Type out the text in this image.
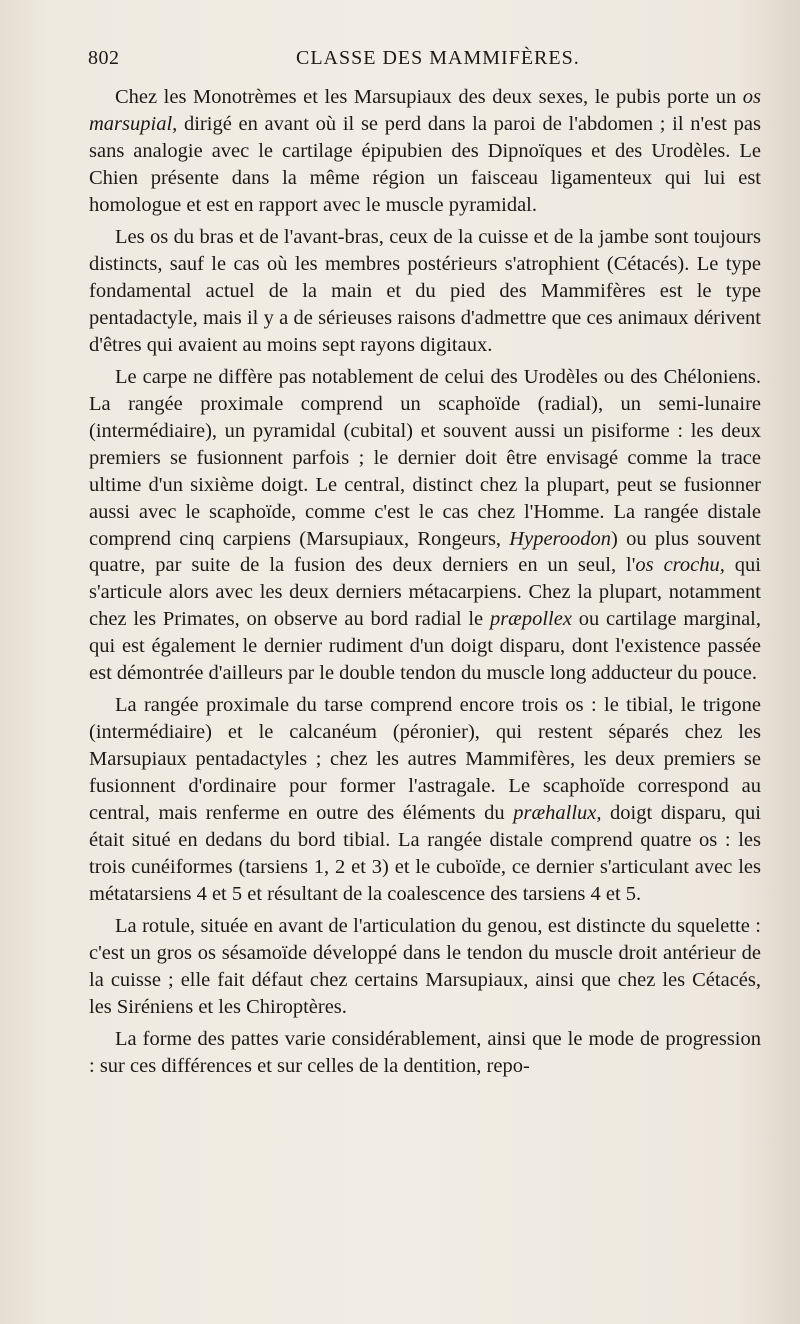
802	CLASSE DES MAMMIFÈRES.

Chez les Monotrèmes et les Marsupiaux des deux sexes, le pubis porte un os marsupial, dirigé en avant où il se perd dans la paroi de l'abdomen ; il n'est pas sans analogie avec le cartilage épipubien des Dipnoïques et des Urodèles. Le Chien présente dans la même région un faisceau ligamenteux qui lui est homologue et est en rapport avec le muscle pyramidal.

Les os du bras et de l'avant-bras, ceux de la cuisse et de la jambe sont toujours distincts, sauf le cas où les membres postérieurs s'atrophient (Cétacés). Le type fondamental actuel de la main et du pied des Mammifères est le type pentadactyle, mais il y a de sérieuses raisons d'admettre que ces animaux dérivent d'êtres qui avaient au moins sept rayons digitaux.

Le carpe ne diffère pas notablement de celui des Urodèles ou des Chéloniens. La rangée proximale comprend un scaphoïde (radial), un semi-lunaire (intermédiaire), un pyramidal (cubital) et souvent aussi un pisiforme : les deux premiers se fusionnent parfois ; le dernier doit être envisagé comme la trace ultime d'un sixième doigt. Le central, distinct chez la plupart, peut se fusionner aussi avec le scaphoïde, comme c'est le cas chez l'Homme. La rangée distale comprend cinq carpiens (Marsupiaux, Rongeurs, Hyperoodon) ou plus souvent quatre, par suite de la fusion des deux derniers en un seul, l'os crochu, qui s'articule alors avec les deux derniers métacarpiens. Chez la plupart, notamment chez les Primates, on observe au bord radial le præpollex ou cartilage marginal, qui est également le dernier rudiment d'un doigt disparu, dont l'existence passée est démontrée d'ailleurs par le double tendon du muscle long adducteur du pouce.

La rangée proximale du tarse comprend encore trois os : le tibial, le trigone (intermédiaire) et le calcanéum (péronier), qui restent séparés chez les Marsupiaux pentadactyles ; chez les autres Mammifères, les deux premiers se fusionnent d'ordinaire pour former l'astragale. Le scaphoïde correspond au central, mais renferme en outre des éléments du præhallux, doigt disparu, qui était situé en dedans du bord tibial. La rangée distale comprend quatre os : les trois cunéiformes (tarsiens 1, 2 et 3) et le cuboïde, ce dernier s'articulant avec les métatarsiens 4 et 5 et résultant de la coalescence des tarsiens 4 et 5.

La rotule, située en avant de l'articulation du genou, est distincte du squelette : c'est un gros os sésamoïde développé dans le tendon du muscle droit antérieur de la cuisse ; elle fait défaut chez certains Marsupiaux, ainsi que chez les Cétacés, les Siréniens et les Chiroptères.

La forme des pattes varie considérablement, ainsi que le mode de progression : sur ces différences et sur celles de la dentition, repo-
